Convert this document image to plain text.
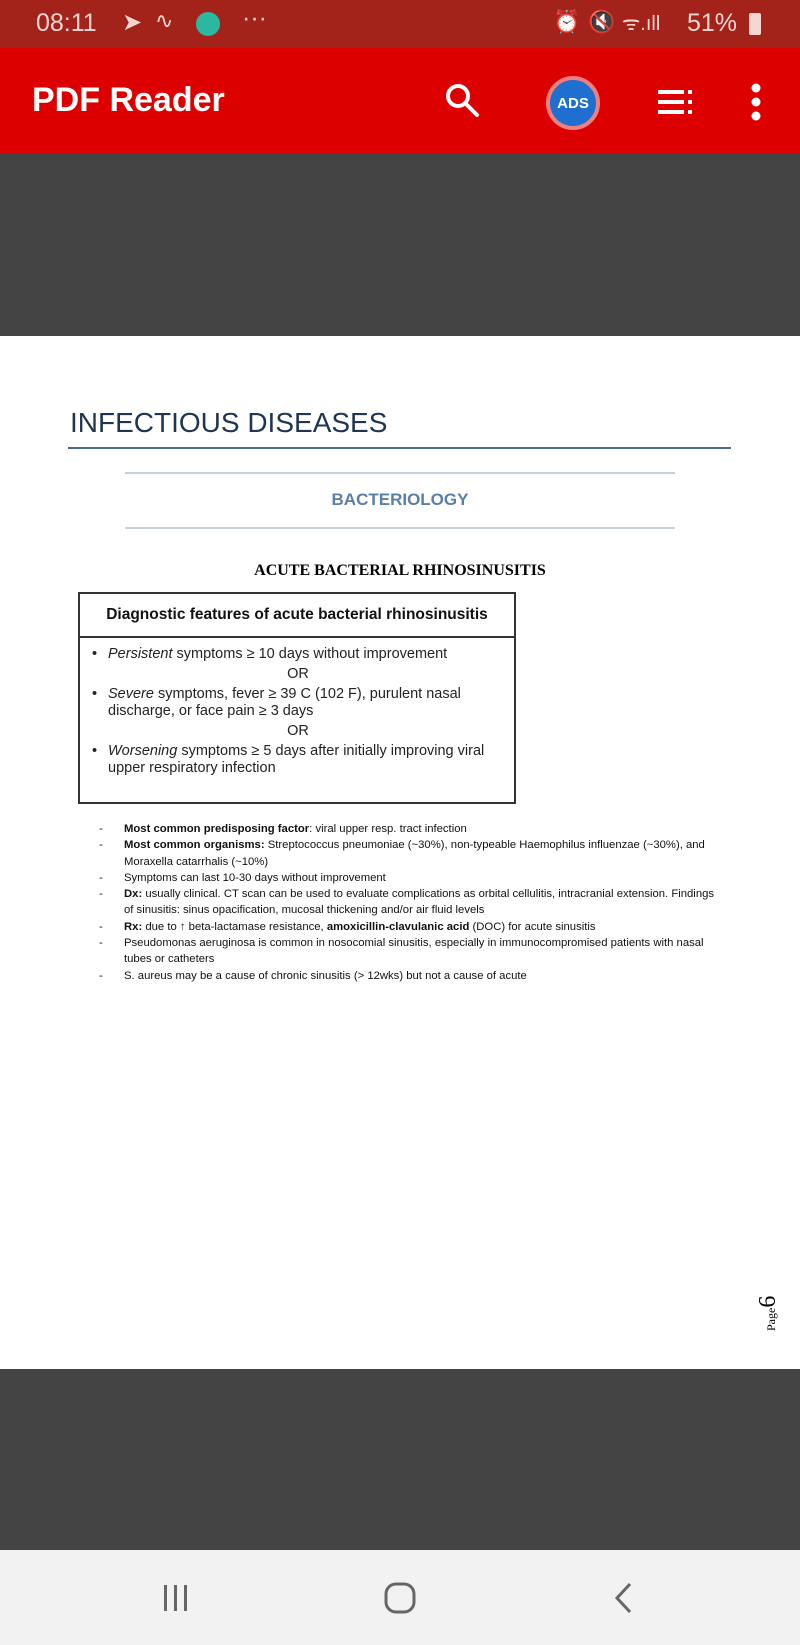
08:11 ➤ ∿	···	⏰ 🔇 ᯤ.ıll 51%
PDF Reader	ADS
INFECTIOUS DISEASES
BACTERIOLOGY
ACUTE BACTERIAL RHINOSINUSITIS
Diagnostic features of acute bacterial rhinosinusitis
• Persistent symptoms ≥ 10 days without improvement
OR
• Severe symptoms, fever ≥ 39 C (102 F), purulent nasal discharge, or face pain ≥ 3 days
OR
• Worsening symptoms ≥ 5 days after initially improving viral upper respiratory infection
-	Most common predisposing factor: viral upper resp. tract infection
-	Most common organisms: Streptococcus pneumoniae (~30%), non-typeable Haemophilus influenzae (~30%), and Moraxella catarrhalis (~10%)
-	Symptoms can last 10-30 days without improvement
-	Dx: usually clinical. CT scan can be used to evaluate complications as orbital cellulitis, intracranial extension. Findings of sinusitis: sinus opacification, mucosal thickening and/or air fluid levels
-	Rx: due to ↑ beta-lactamase resistance, amoxicillin-clavulanic acid (DOC) for acute sinusitis
-	Pseudomonas aeruginosa is common in nosocomial sinusitis, especially in immunocompromised patients with nasal tubes or catheters
-	S. aureus may be a cause of chronic sinusitis (> 12wks) but not a cause of acute
Page6
